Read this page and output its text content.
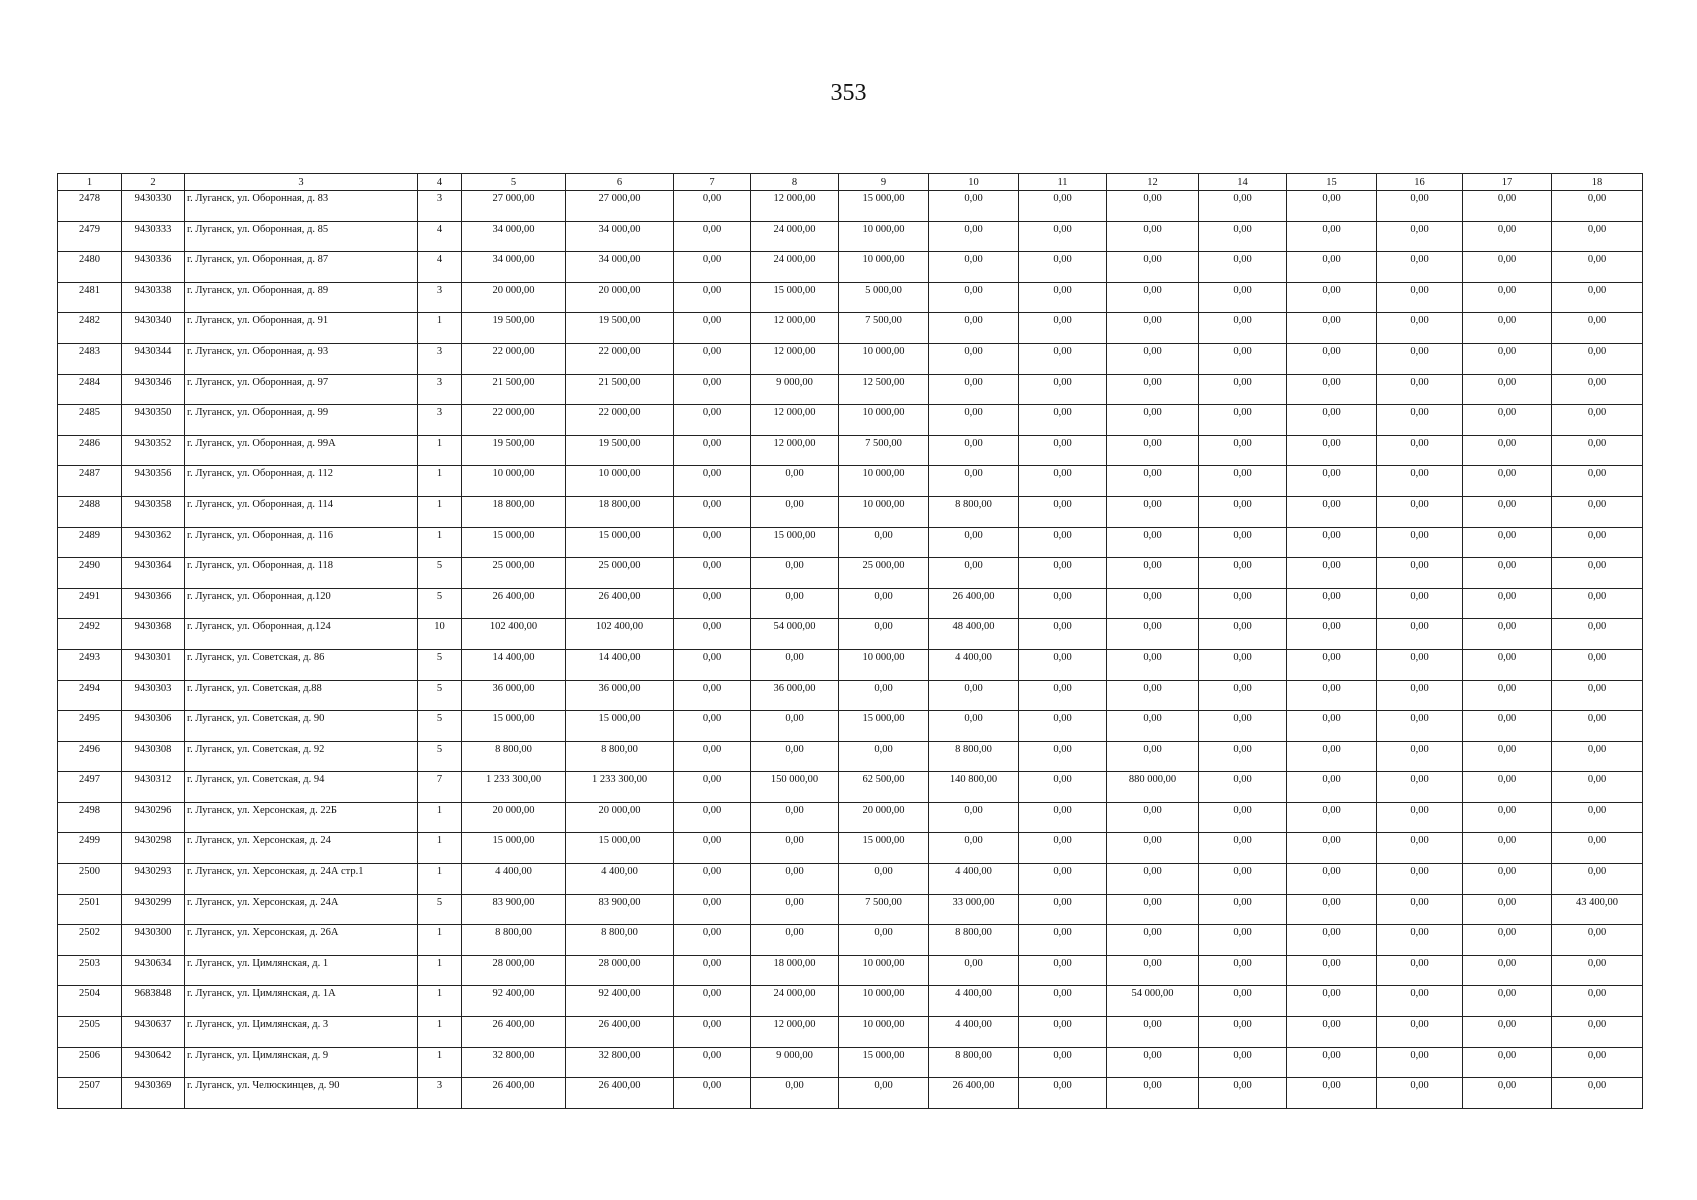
353
1	2	3	4	5	6	7	8	9	10	11	12	14	15	16	17	18
2478	9430330	г. Луганск, ул. Оборонная, д. 83	3	27 000,00	27 000,00	0,00	12 000,00	15 000,00	0,00	0,00	0,00	0,00	0,00	0,00	0,00	0,00
2479	9430333	г. Луганск, ул. Оборонная, д. 85	4	34 000,00	34 000,00	0,00	24 000,00	10 000,00	0,00	0,00	0,00	0,00	0,00	0,00	0,00	0,00
2480	9430336	г. Луганск, ул. Оборонная, д. 87	4	34 000,00	34 000,00	0,00	24 000,00	10 000,00	0,00	0,00	0,00	0,00	0,00	0,00	0,00	0,00
2481	9430338	г. Луганск, ул. Оборонная, д. 89	3	20 000,00	20 000,00	0,00	15 000,00	5 000,00	0,00	0,00	0,00	0,00	0,00	0,00	0,00	0,00
2482	9430340	г. Луганск, ул. Оборонная, д. 91	1	19 500,00	19 500,00	0,00	12 000,00	7 500,00	0,00	0,00	0,00	0,00	0,00	0,00	0,00	0,00
2483	9430344	г. Луганск, ул. Оборонная, д. 93	3	22 000,00	22 000,00	0,00	12 000,00	10 000,00	0,00	0,00	0,00	0,00	0,00	0,00	0,00	0,00
2484	9430346	г. Луганск, ул. Оборонная, д. 97	3	21 500,00	21 500,00	0,00	9 000,00	12 500,00	0,00	0,00	0,00	0,00	0,00	0,00	0,00	0,00
2485	9430350	г. Луганск, ул. Оборонная, д. 99	3	22 000,00	22 000,00	0,00	12 000,00	10 000,00	0,00	0,00	0,00	0,00	0,00	0,00	0,00	0,00
2486	9430352	г. Луганск, ул. Оборонная, д. 99А	1	19 500,00	19 500,00	0,00	12 000,00	7 500,00	0,00	0,00	0,00	0,00	0,00	0,00	0,00	0,00
2487	9430356	г. Луганск, ул. Оборонная, д. 112	1	10 000,00	10 000,00	0,00	0,00	10 000,00	0,00	0,00	0,00	0,00	0,00	0,00	0,00	0,00
2488	9430358	г. Луганск, ул. Оборонная, д. 114	1	18 800,00	18 800,00	0,00	0,00	10 000,00	8 800,00	0,00	0,00	0,00	0,00	0,00	0,00	0,00
2489	9430362	г. Луганск, ул. Оборонная, д. 116	1	15 000,00	15 000,00	0,00	15 000,00	0,00	0,00	0,00	0,00	0,00	0,00	0,00	0,00	0,00
2490	9430364	г. Луганск, ул. Оборонная, д. 118	5	25 000,00	25 000,00	0,00	0,00	25 000,00	0,00	0,00	0,00	0,00	0,00	0,00	0,00	0,00
2491	9430366	г. Луганск, ул. Оборонная, д.120	5	26 400,00	26 400,00	0,00	0,00	0,00	26 400,00	0,00	0,00	0,00	0,00	0,00	0,00	0,00
2492	9430368	г. Луганск, ул. Оборонная, д.124	10	102 400,00	102 400,00	0,00	54 000,00	0,00	48 400,00	0,00	0,00	0,00	0,00	0,00	0,00	0,00
2493	9430301	г. Луганск, ул. Советская, д. 86	5	14 400,00	14 400,00	0,00	0,00	10 000,00	4 400,00	0,00	0,00	0,00	0,00	0,00	0,00	0,00
2494	9430303	г. Луганск, ул. Советская, д.88	5	36 000,00	36 000,00	0,00	36 000,00	0,00	0,00	0,00	0,00	0,00	0,00	0,00	0,00	0,00
2495	9430306	г. Луганск, ул. Советская, д. 90	5	15 000,00	15 000,00	0,00	0,00	15 000,00	0,00	0,00	0,00	0,00	0,00	0,00	0,00	0,00
2496	9430308	г. Луганск, ул. Советская, д. 92	5	8 800,00	8 800,00	0,00	0,00	0,00	8 800,00	0,00	0,00	0,00	0,00	0,00	0,00	0,00
2497	9430312	г. Луганск, ул. Советская, д. 94	7	1 233 300,00	1 233 300,00	0,00	150 000,00	62 500,00	140 800,00	0,00	880 000,00	0,00	0,00	0,00	0,00	0,00
2498	9430296	г. Луганск, ул. Херсонская, д. 22Б	1	20 000,00	20 000,00	0,00	0,00	20 000,00	0,00	0,00	0,00	0,00	0,00	0,00	0,00	0,00
2499	9430298	г. Луганск, ул. Херсонская, д. 24	1	15 000,00	15 000,00	0,00	0,00	15 000,00	0,00	0,00	0,00	0,00	0,00	0,00	0,00	0,00
2500	9430293	г. Луганск, ул. Херсонская, д. 24А стр.1	1	4 400,00	4 400,00	0,00	0,00	0,00	4 400,00	0,00	0,00	0,00	0,00	0,00	0,00	0,00
2501	9430299	г. Луганск, ул. Херсонская, д. 24А	5	83 900,00	83 900,00	0,00	0,00	7 500,00	33 000,00	0,00	0,00	0,00	0,00	0,00	0,00	43 400,00
2502	9430300	г. Луганск, ул. Херсонская, д. 26А	1	8 800,00	8 800,00	0,00	0,00	0,00	8 800,00	0,00	0,00	0,00	0,00	0,00	0,00	0,00
2503	9430634	г. Луганск, ул. Цимлянская, д. 1	1	28 000,00	28 000,00	0,00	18 000,00	10 000,00	0,00	0,00	0,00	0,00	0,00	0,00	0,00	0,00
2504	9683848	г. Луганск, ул. Цимлянская, д. 1А	1	92 400,00	92 400,00	0,00	24 000,00	10 000,00	4 400,00	0,00	54 000,00	0,00	0,00	0,00	0,00	0,00
2505	9430637	г. Луганск, ул. Цимлянская, д. 3	1	26 400,00	26 400,00	0,00	12 000,00	10 000,00	4 400,00	0,00	0,00	0,00	0,00	0,00	0,00	0,00
2506	9430642	г. Луганск, ул. Цимлянская, д. 9	1	32 800,00	32 800,00	0,00	9 000,00	15 000,00	8 800,00	0,00	0,00	0,00	0,00	0,00	0,00	0,00
2507	9430369	г. Луганск, ул. Челюскинцев, д. 90	3	26 400,00	26 400,00	0,00	0,00	0,00	26 400,00	0,00	0,00	0,00	0,00	0,00	0,00	0,00
